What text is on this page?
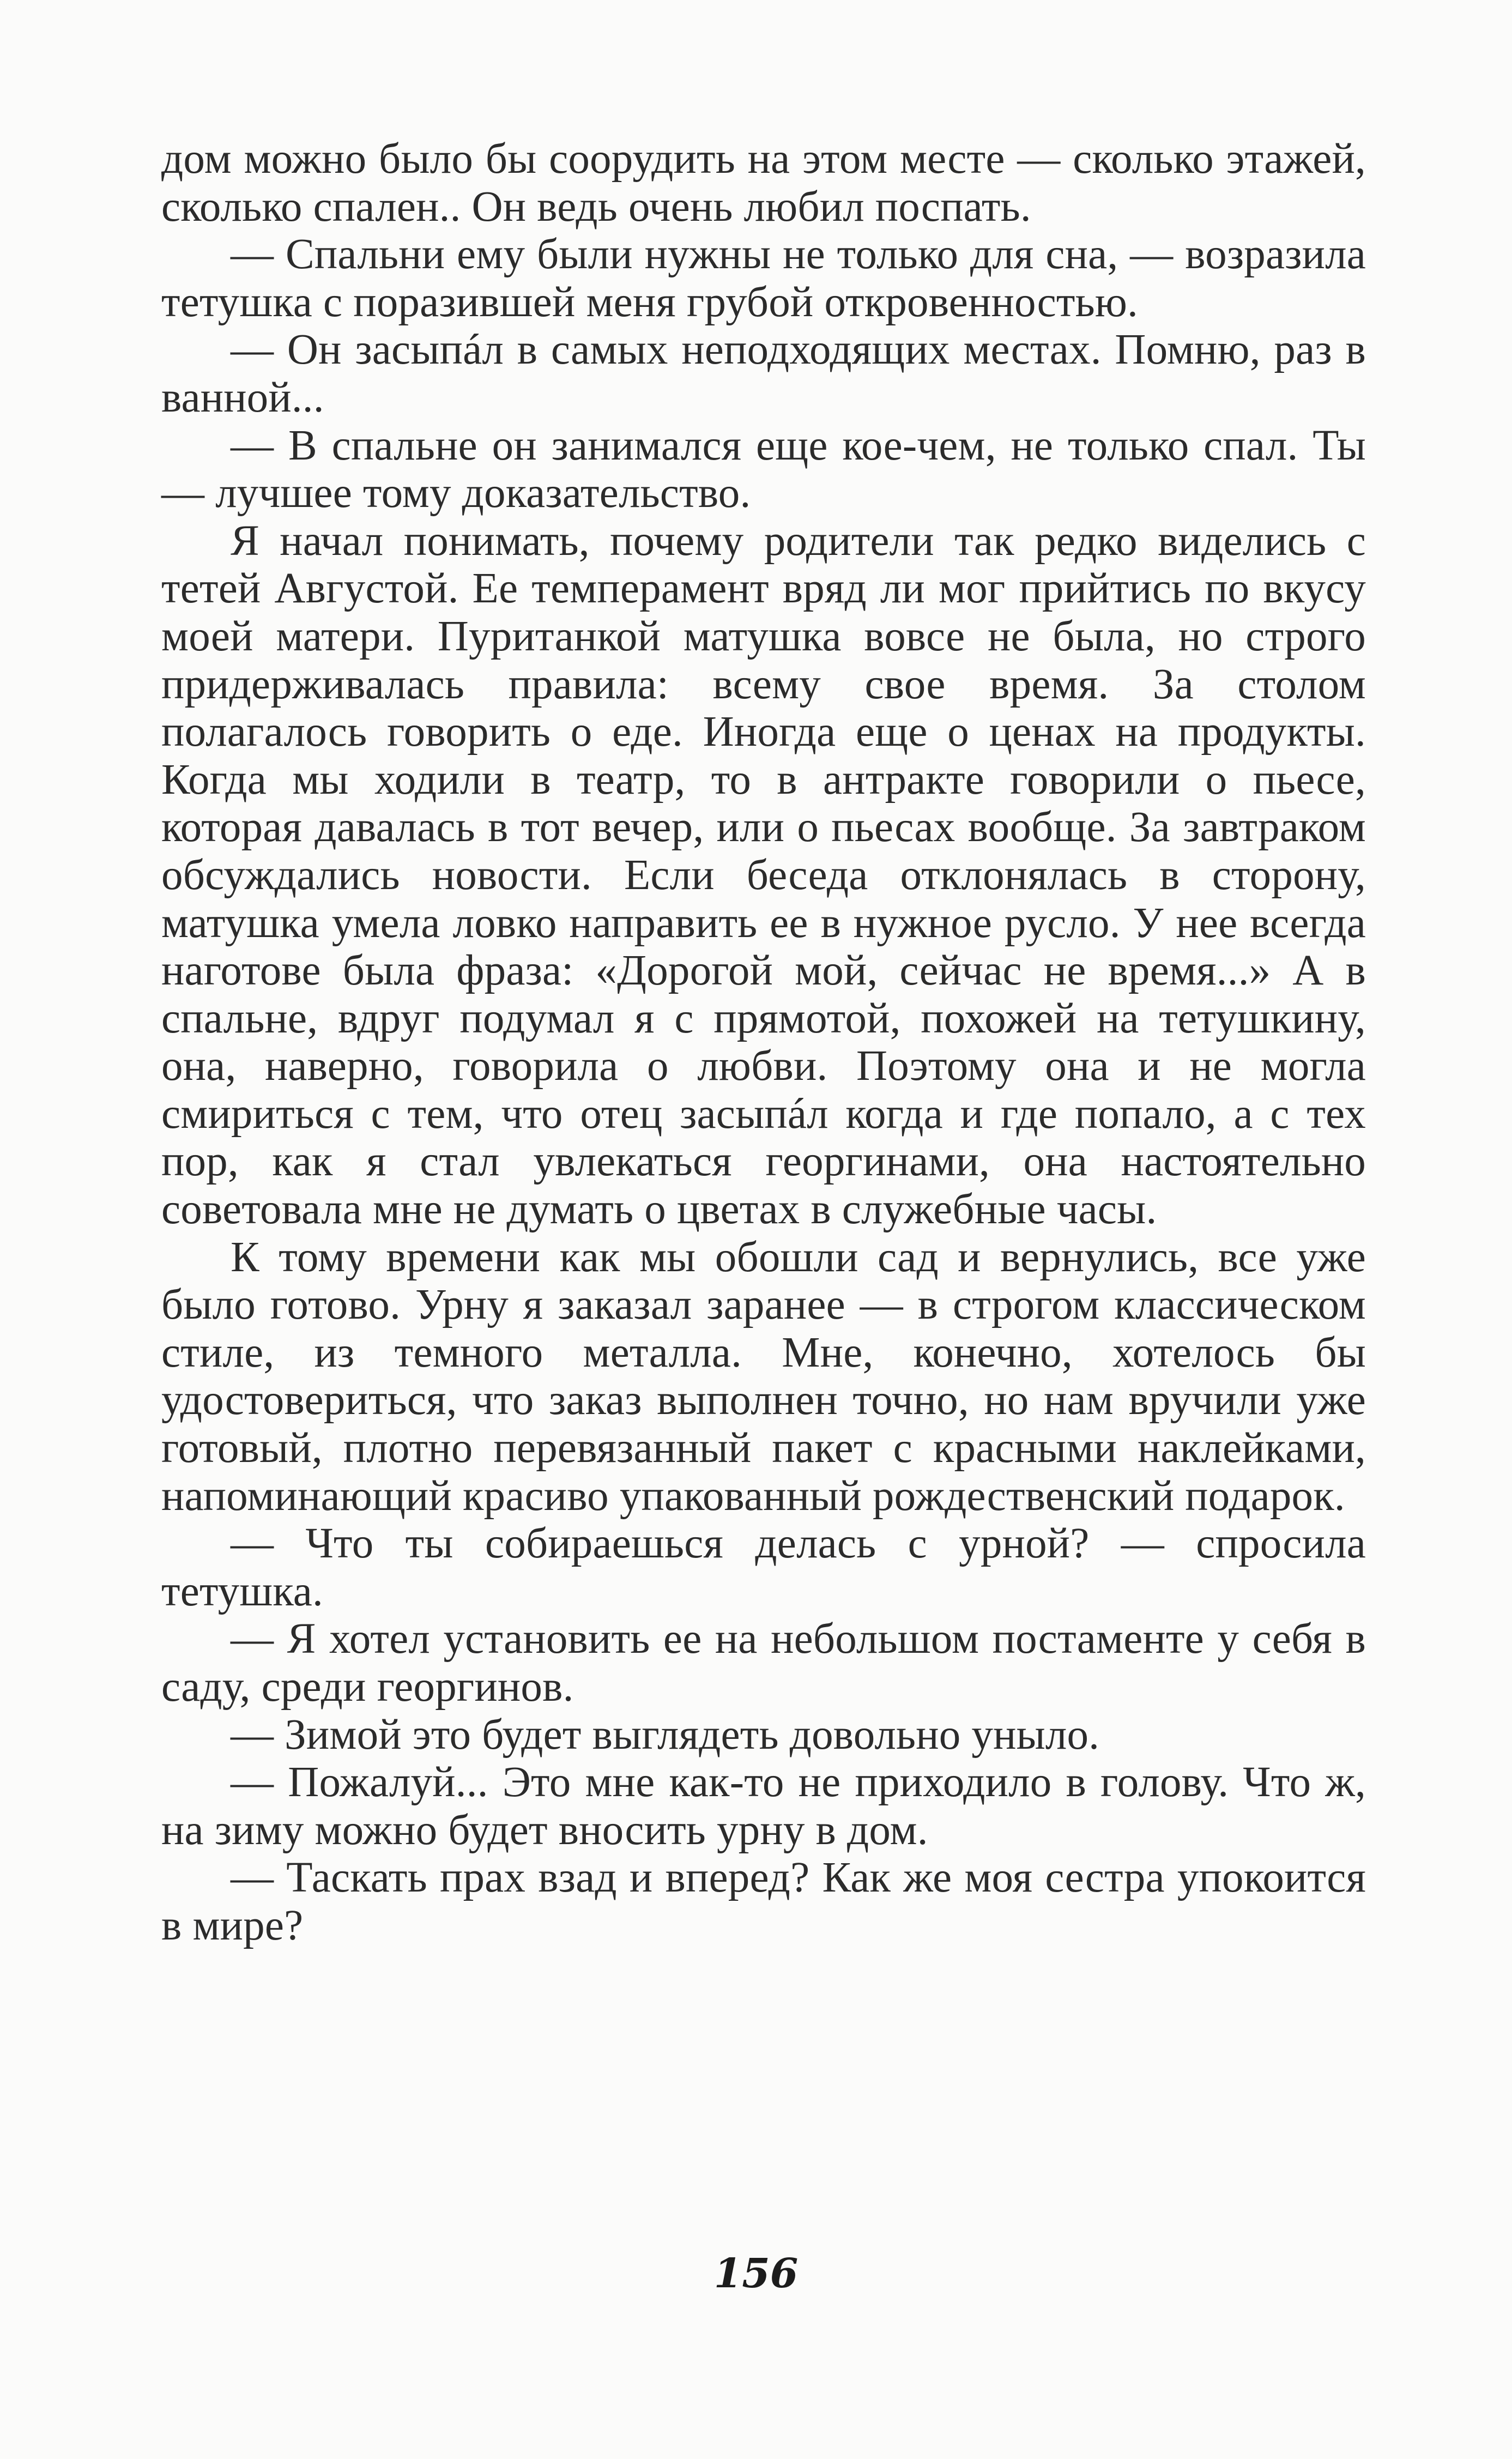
дом можно было бы соорудить на этом месте — сколько этажей, сколько спален.. Он ведь очень любил поспать.

— Спальни ему были нужны не только для сна, — возразила тетушка с поразившей меня грубой откровенностью.

— Он засыпáл в самых неподходящих местах. Помню, раз в ванной...

— В спальне он занимался еще кое-чем, не только спал. Ты — лучшее тому доказательство.

Я начал понимать, почему родители так редко виделись с тетей Августой. Ее темперамент вряд ли мог прийтись по вкусу моей матери. Пуританкой матушка вовсе не была, но строго придерживалась правила: всему свое время. За столом полагалось говорить о еде. Иногда еще о ценах на продукты. Когда мы ходили в театр, то в антракте говорили о пьесе, которая давалась в тот вечер, или о пьесах вообще. За завтраком обсуждались новости. Если беседа отклонялась в сторону, матушка умела ловко направить ее в нужное русло. У нее всегда наготове была фраза: «Дорогой мой, сейчас не время...» А в спальне, вдруг подумал я с прямотой, похожей на тетушкину, она, наверно, говорила о любви. Поэтому она и не могла смириться с тем, что отец засыпáл когда и где попало, а с тех пор, как я стал увлекаться георгинами, она настоятельно советовала мне не думать о цветах в служебные часы.

К тому времени как мы обошли сад и вернулись, все уже было готово. Урну я заказал заранее — в строгом классическом стиле, из темного металла. Мне, конечно, хотелось бы удостовериться, что заказ выполнен точно, но нам вручили уже готовый, плотно перевязанный пакет с красными наклейками, напоминающий красиво упакованный рождественский подарок.

— Что ты собираешься делась с урной? — спросила тетушка.

— Я хотел установить ее на небольшом постаменте у себя в саду, среди георгинов.

— Зимой это будет выглядеть довольно уныло.

— Пожалуй... Это мне как-то не приходило в голову. Что ж, на зиму можно будет вносить урну в дом.

— Таскать прах взад и вперед? Как же моя сестра упокоится в мире?

156
